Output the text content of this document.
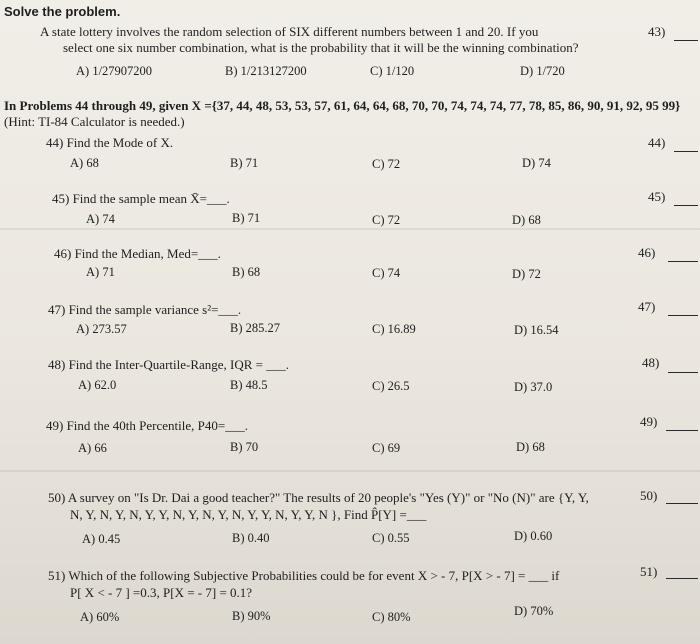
Solve the problem.
A state lottery involves the random selection of SIX different numbers between 1 and 20. If you
select one six number combination, what is the probability that it will be the winning combination?
43)
A) 1/27907200	B) 1/213127200	C) 1/120	D) 1/720
In Problems 44 through 49, given X ={37, 44, 48, 53, 53, 57, 61, 64, 64, 68, 70, 70, 74, 74, 74, 77, 78, 85, 86, 90, 91, 92, 95 99}
(Hint: TI-84 Calculator is needed.)
44) Find the Mode of X.	44)
A) 68	B) 71	C) 72	D) 74
45) Find the sample mean X̄=___.	45)
A) 74	B) 71	C) 72	D) 68
46) Find the Median, Med=___.	46)
A) 71	B) 68	C) 74	D) 72
47) Find the sample variance s²=___.	47)
A) 273.57	B) 285.27	C) 16.89	D) 16.54
48) Find the Inter-Quartile-Range, IQR = ___.	48)
A) 62.0	B) 48.5	C) 26.5	D) 37.0
49) Find the 40th Percentile, P40=___.	49)
A) 66	B) 70	C) 69	D) 68
50) A survey on "Is Dr. Dai a good teacher?" The results of 20 people's "Yes (Y)" or "No (N)" are {Y, Y,
N, Y, N, Y, N, Y, Y, N, Y, N, Y, N, Y, Y, N, Y, Y, N }, Find P̂[Y] =___
50)
A) 0.45	B) 0.40	C) 0.55	D) 0.60
51) Which of the following Subjective Probabilities could be for event X > - 7, P[X > - 7] = ___ if
P[ X < - 7 ] =0.3, P[X = - 7] = 0.1?
51)
A) 60%	B) 90%	C) 80%	D) 70%
